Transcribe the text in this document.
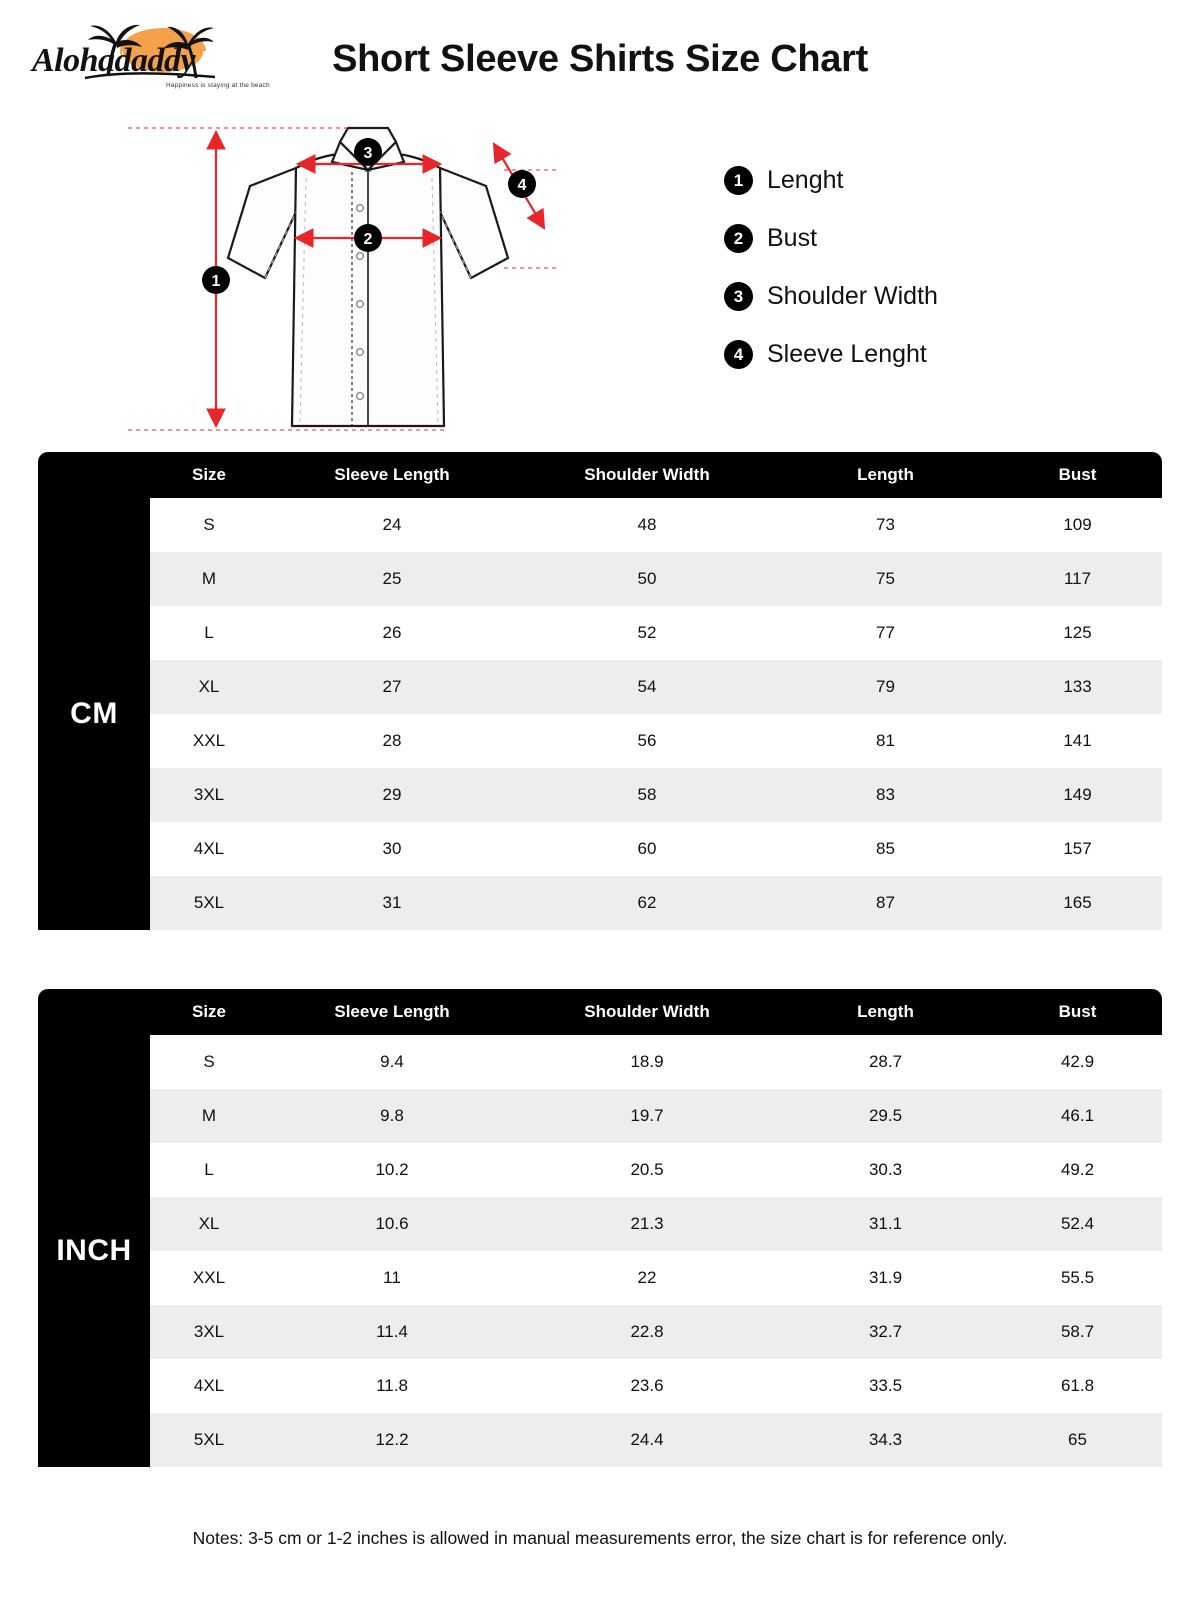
Alohadaddy
Happiness is staying at the beach
Short Sleeve Shirts Size Chart
1
2
3
4	1 Lenght
2 Bust
3 Shoulder Width
4 Sleeve Lenght
	Size	Sleeve Length	Shoulder Width	Length	Bust
CM	S	24	48	73	109
	M	25	50	75	117
	L	26	52	77	125
	XL	27	54	79	133
	XXL	28	56	81	141
	3XL	29	58	83	149
	4XL	30	60	85	157
	5XL	31	62	87	165
	Size	Sleeve Length	Shoulder Width	Length	Bust
INCH	S	9.4	18.9	28.7	42.9
	M	9.8	19.7	29.5	46.1
	L	10.2	20.5	30.3	49.2
	XL	10.6	21.3	31.1	52.4
	XXL	11	22	31.9	55.5
	3XL	11.4	22.8	32.7	58.7
	4XL	11.8	23.6	33.5	61.8
	5XL	12.2	24.4	34.3	65
Notes: 3-5 cm or 1-2 inches is allowed in manual measurements error, the size chart is for reference only.
